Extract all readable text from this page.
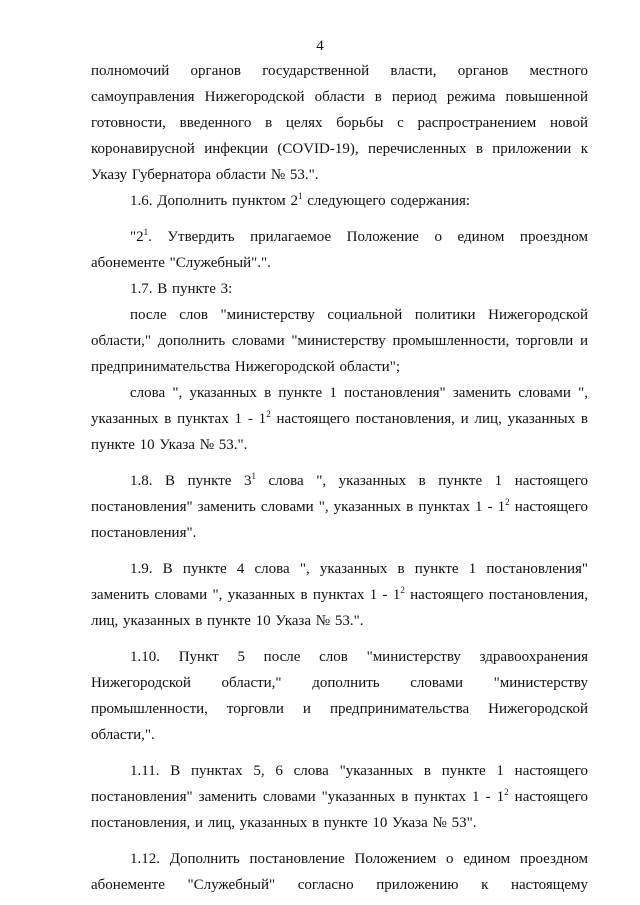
4

полномочий органов государственной власти, органов местного самоуправления Нижегородской области в период режима повышенной готовности, введенного в целях борьбы с распространением новой коронавирусной инфекции (COVID-19), перечисленных в приложении к Указу Губернатора области № 53.".

1.6. Дополнить пунктом $2^1$ следующего содержания:

"$2^1$. Утвердить прилагаемое Положение о едином проездном абонементе "Служебный".".

1.7. В пункте 3:

после слов "министерству социальной политики Нижегородской области," дополнить словами "министерству промышленности, торговли и предпринимательства Нижегородской области";

слова ", указанных в пункте 1 постановления" заменить словами ", указанных в пунктах $1 - 1^2$ настоящего постановления, и лиц, указанных в пункте 10 Указа № 53.".

1.8. В пункте $3^1$ слова ", указанных в пункте 1 настоящего постановления" заменить словами ", указанных в пунктах $1 - 1^2$ настоящего постановления".

1.9. В пункте 4 слова ", указанных в пункте 1 постановления" заменить словами ", указанных в пунктах $1 - 1^2$ настоящего постановления, лиц, указанных в пункте 10 Указа № 53.".

1.10. Пункт 5 после слов "министерству здравоохранения Нижегородской области," дополнить словами "министерству промышленности, торговли и предпринимательства Нижегородской области,".

1.11. В пунктах 5, 6 слова "указанных в пункте 1 настоящего постановления" заменить словами "указанных в пунктах $1 - 1^2$ настоящего постановления, и лиц, указанных в пункте 10 Указа № 53".

1.12. Дополнить постановление Положением о едином проездном абонементе "Служебный" согласно приложению к настоящему
